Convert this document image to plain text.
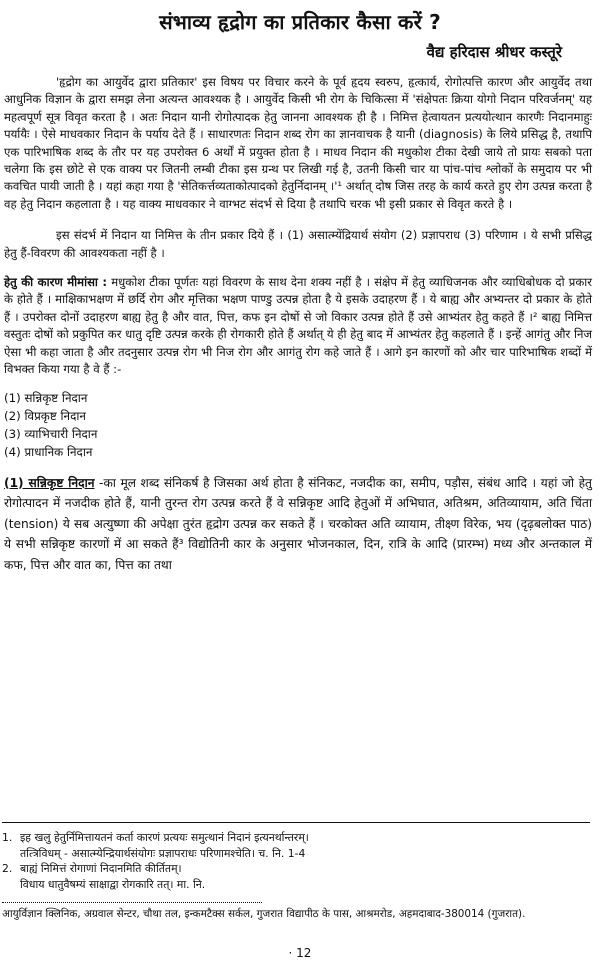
संभाव्य हृद्रोग का प्रतिकार कैसा करें ?
वैद्य हरिदास श्रीधर कस्तूरे

'हृद्रोग का आयुर्वेद द्वारा प्रतिकार' इस विषय पर विचार करने के पूर्व हृदय स्वरुप, हृत्कार्य, रोगोत्पत्ति कारण और आयुर्वेद तथा आधुनिक विज्ञान के द्वारा समझ लेना अत्यन्त आवश्यक है । आयुर्वेद किसी भी रोग के चिकित्सा में 'संक्षेपतः क्रिया योगो निदान परिवर्जनम्' यह महत्वपूर्ण सूत्र विवृत करता है । अतः निदान यानी रोगोत्पादक हेतु जानना आवश्यक ही है । निमित्त हेत्वायतन प्रत्ययोत्थान कारणैः निदानमाहुः पर्यायैः । ऐसे माधवकार निदान के पर्याय देते हैं । साधारणतः निदान शब्द रोग का ज्ञानवाचक है यानी (diagnosis) के लिये प्रसिद्ध है, तथापि एक पारिभाषिक शब्द के तौर पर यह उपरोक्त 6 अर्थों में प्रयुक्त होता है । माधव निदान की मधुकोश टीका देखी जाये तो प्रायः सबको पता चलेगा कि इस छोटे से एक वाक्य पर जितनी लम्बी टीका इस ग्रन्थ पर लिखी गई है, उतनी किसी चार या पांच-पांच श्लोकों के समुदाय पर भी कवचित पायी जाती है । यहां कहा गया है 'सेतिकर्त्तव्यताकोत्पादको हेतुर्निदानम् ।'¹ अर्थात् दोष जिस तरह के कार्य करते हुए रोग उत्पन्न करता है वह हेतु निदान कहलाता है । यह वाक्य माधवकार ने वाग्भट संदर्भ से दिया है तथापि चरक भी इसी प्रकार से विवृत करते है ।

इस संदर्भ में निदान या निमित्त के तीन प्रकार दिये हैं । (1) असात्म्येंद्रियार्थ संयोग (2) प्रज्ञापराध (3) परिणाम । ये सभी प्रसिद्ध हेतु हैं-विवरण की आवश्यकता नहीं है ।

हेतु की कारण मीमांसा : मधुकोश टीका पूर्णतः यहां विवरण के साथ देना शक्य नहीं है । संक्षेप में हेतु व्याधिजनक और व्याधिबोधक दो प्रकार के होते हैं । माक्षिकाभक्षण में छर्दि रोग और मृत्तिका भक्षण पाण्डु उत्पन्न होता है ये इसके उदाहरण हैं । ये बाह्य और अभ्यन्तर दो प्रकार के होते हैं । उपरोक्त दोनों उदाहरण बाह्य हेतु है और वात, पित्त, कफ इन दोषों से जो विकार उत्पन्न होते हैं उसे आभ्यंतर हेतु कहते हैं ।² बाह्य निमित्त वस्तुतः दोषों को प्रकुपित कर धातु दृष्टि उत्पन्न करके ही रोगकारी होते हैं अर्थात् ये ही हेतु बाद में आभ्यंतर हेतु कहलाते हैं । इन्हें आगंतु और निज ऐसा भी कहा जाता है और तदनुसार उत्पन्न रोग भी निज रोग और आगंतु रोग कहे जाते हैं । आगे इन कारणों को और चार पारिभाषिक शब्दों में विभक्त किया गया है वे हैं :-

(1) सन्निकृष्ट निदान
(2) विप्रकृष्ट निदान
(3) व्याभिचारी निदान
(4) प्राधानिक निदान

(1) सन्निकृष्ट निदान -का मूल शब्द संनिकर्ष है जिसका अर्थ होता है संनिकट, नजदीक का, समीप, पड़ौस, संबंध आदि । यहां जो हेतु रोगोत्पादन में नजदीक होते हैं, यानी तुरन्त रोग उत्पन्न करते हैं वे सन्निकृष्ट आदि हेतुओं में अभिघात, अतिश्रम, अतिव्यायाम, अति चिंता (tension) ये सब अत्युष्णा की अपेक्षा तुरंत हृद्रोग उत्पन्न कर सकते हैं । चरकोक्त अति व्यायाम, तीक्ष्ण विरेक, भय (दृढ़बलोक्त पाठ) ये सभी सन्निकृष्ट कारणों में आ सकते हैं³ विद्योतिनी कार के अनुसार भोजनकाल, दिन, रात्रि के आदि (प्रारम्भ) मध्य और अन्तकाल में कफ, पित्त और वात का, पित्त का तथा

1. इह खलु हेतुर्निमित्तायतनं कर्ता कारणं प्रत्ययः समुत्थानं निदानं इत्यनर्थान्तरम्।

तत्त्रिविधम् - असात्म्येन्द्रियार्थसंयोगः प्रज्ञापराधः परिणामश्चेति। च. नि. 1-4

2. बाह्यं निमित्तं रोगाणां निदानमिति कीर्तितम्।

विधाय धातुवैषम्यं साक्षाद्वा रोगकारि तत्। मा. नि.

आयुर्विज्ञान क्लिनिक, अग्रवाल सेन्टर, चौथा तल, इन्कमटैक्स सर्कल, गुजरात विद्यापीठ के पास, आश्रमरोड, अहमदाबाद-380014 (गुजरात).
· 12
